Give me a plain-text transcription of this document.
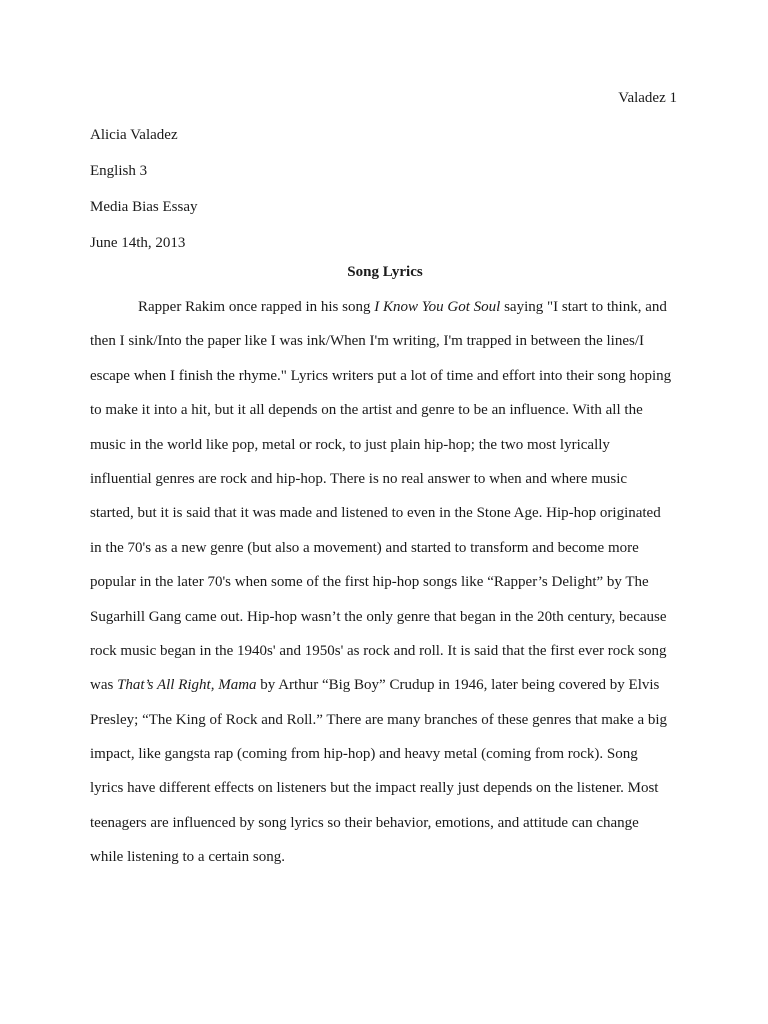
Valadez 1
Alicia Valadez
English 3
Media Bias Essay
June 14th, 2013
Song Lyrics
Rapper Rakim once rapped in his song I Know You Got Soul saying "I start to think, and
then I sink/Into the paper like I was ink/When I'm writing, I'm trapped in between the lines/I
escape when I finish the rhyme." Lyrics writers put a lot of time and effort into their song hoping
to make it into a hit, but it all depends on the artist and genre to be an influence. With all the
music in the world like pop, metal or rock, to just plain hip-hop; the two most lyrically
influential genres are rock and hip-hop. There is no real answer to when and where music
started, but it is said that it was made and listened to even in the Stone Age. Hip-hop originated
in the 70's as a new genre (but also a movement) and started to transform and become more
popular in the later 70's when some of the first hip-hop songs like “Rapper’s Delight” by The
Sugarhill Gang came out. Hip-hop wasn’t the only genre that began in the 20th century, because
rock music began in the 1940s' and 1950s' as rock and roll. It is said that the first ever rock song
was That’s All Right, Mama by Arthur “Big Boy” Crudup in 1946, later being covered by Elvis
Presley; “The King of Rock and Roll.” There are many branches of these genres that make a big
impact, like gangsta rap (coming from hip-hop) and heavy metal (coming from rock). Song
lyrics have different effects on listeners but the impact really just depends on the listener. Most
teenagers are influenced by song lyrics so their behavior, emotions, and attitude can change
while listening to a certain song.
